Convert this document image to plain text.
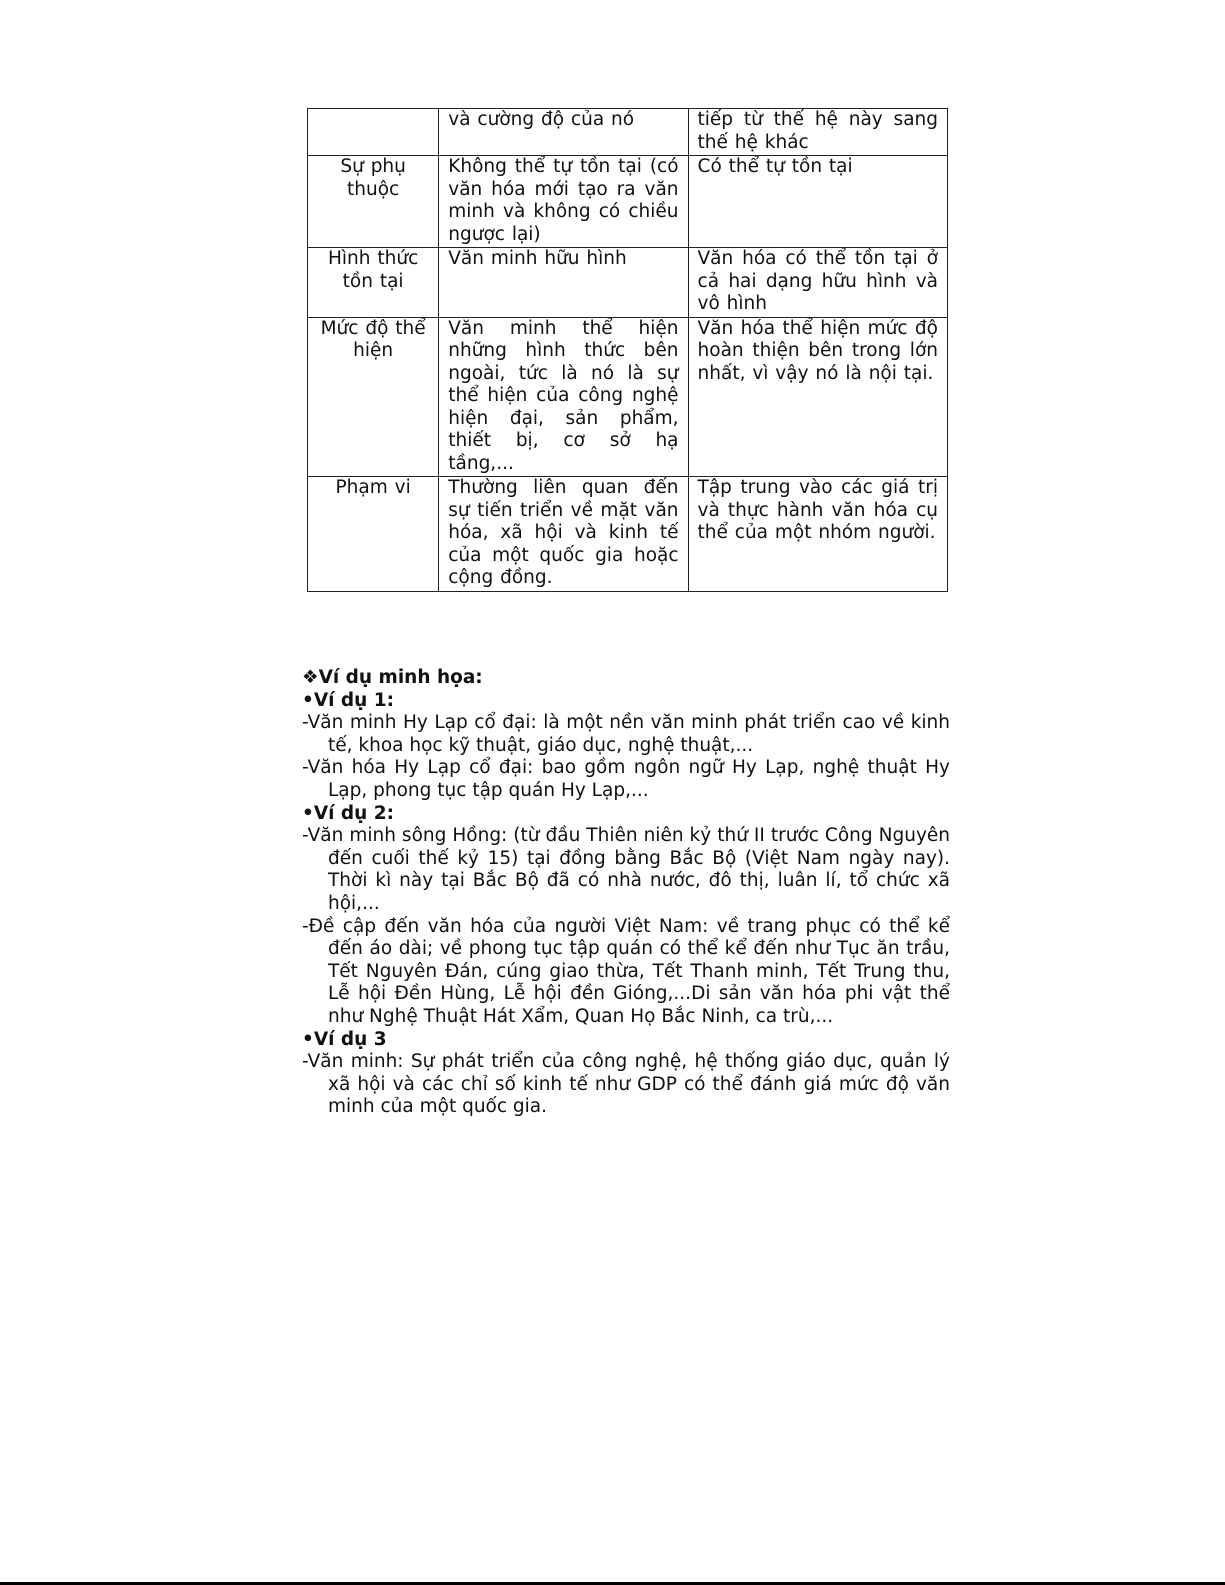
	và cường độ của nó	tiếp từ thế hệ này sang thế hệ khác
Sự phụ thuộc	Không thể tự tồn tại (có văn hóa mới tạo ra văn minh và không có chiều ngược lại)	Có thể tự tồn tại
Hình thức tồn tại	Văn minh hữu hình	Văn hóa có thể tồn tại ở cả hai dạng hữu hình và vô hình
Mức độ thể hiện	Văn minh thể hiện những hình thức bên ngoài, tức là nó là sự thể hiện của công nghệ hiện đại, sản phẩm, thiết bị, cơ sở hạ tầng,...	Văn hóa thể hiện mức độ hoàn thiện bên trong lớn nhất, vì vậy nó là nội tại.
Phạm vi	Thường liên quan đến sự tiến triển về mặt văn hóa, xã hội và kinh tế của một quốc gia hoặc cộng đồng.	Tập trung vào các giá trị và thực hành văn hóa cụ thể của một nhóm người.

❖Ví dụ minh họa:

•Ví dụ 1:

-Văn minh Hy Lạp cổ đại: là một nền văn minh phát triển cao về kinh tế, khoa học kỹ thuật, giáo dục, nghệ thuật,...

-Văn hóa Hy Lạp cổ đại: bao gồm ngôn ngữ Hy Lạp, nghệ thuật Hy Lạp, phong tục tập quán Hy Lạp,...

•Ví dụ 2:

-Văn minh sông Hồng: (từ đầu Thiên niên kỷ thứ II trước Công Nguyên đến cuối thế kỷ 15) tại đồng bằng Bắc Bộ (Việt Nam ngày nay). Thời kì này tại Bắc Bộ đã có nhà nước, đô thị, luân lí, tổ chức xã hội,...

-Đề cập đến văn hóa của người Việt Nam: về trang phục có thể kể đến áo dài; về phong tục tập quán có thể kể đến như Tục ăn trầu, Tết Nguyên Đán, cúng giao thừa, Tết Thanh minh, Tết Trung thu, Lễ hội Đền Hùng, Lễ hội đền Gióng,...Di sản văn hóa phi vật thể như Nghệ Thuật Hát Xẩm, Quan Họ Bắc Ninh, ca trù,...

•Ví dụ 3

-Văn minh: Sự phát triển của công nghệ, hệ thống giáo dục, quản lý xã hội và các chỉ số kinh tế như GDP có thể đánh giá mức độ văn minh của một quốc gia.
